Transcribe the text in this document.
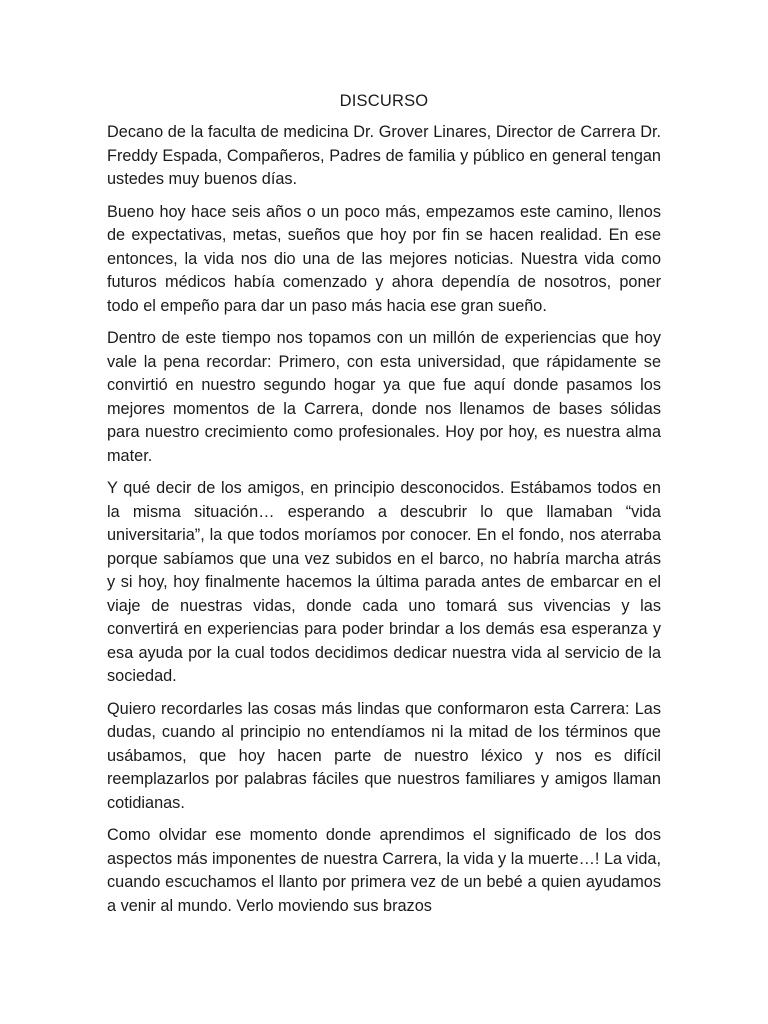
DISCURSO

Decano de la faculta de medicina Dr. Grover Linares, Director de Carrera Dr. Freddy Espada, Compañeros, Padres de familia y público en general tengan ustedes muy buenos días.

Bueno hoy hace seis años o un poco más, empezamos este camino, llenos de expectativas, metas, sueños que hoy por fin se hacen realidad. En ese entonces, la vida nos dio una de las mejores noticias. Nuestra vida como futuros médicos había comenzado y ahora dependía de nosotros, poner todo el empeño para dar un paso más hacia ese gran sueño.

Dentro de este tiempo nos topamos con un millón de experiencias que hoy vale la pena recordar: Primero, con esta universidad, que rápidamente se convirtió en nuestro segundo hogar ya que fue aquí donde pasamos los mejores momentos de la Carrera, donde nos llenamos de bases sólidas para nuestro crecimiento como profesionales. Hoy por hoy, es nuestra alma mater.

Y qué decir de los amigos, en principio desconocidos. Estábamos todos en la misma situación… esperando a descubrir lo que llamaban “vida universitaria”, la que todos moríamos por conocer. En el fondo, nos aterraba porque sabíamos que una vez subidos en el barco, no habría marcha atrás y si hoy, hoy finalmente hacemos la última parada antes de embarcar en el viaje de nuestras vidas, donde cada uno tomará sus vivencias y las convertirá en experiencias para poder brindar a los demás esa esperanza y esa ayuda por la cual todos decidimos dedicar nuestra vida al servicio de la sociedad.

Quiero recordarles las cosas más lindas que conformaron esta Carrera: Las dudas, cuando al principio no entendíamos ni la mitad de los términos que usábamos, que hoy hacen parte de nuestro léxico y nos es difícil reemplazarlos por palabras fáciles que nuestros familiares y amigos llaman cotidianas.

Como olvidar ese momento donde aprendimos el significado de los dos aspectos más imponentes de nuestra Carrera, la vida y la muerte…! La vida, cuando escuchamos el llanto por primera vez de un bebé a quien ayudamos a venir al mundo. Verlo moviendo sus brazos
